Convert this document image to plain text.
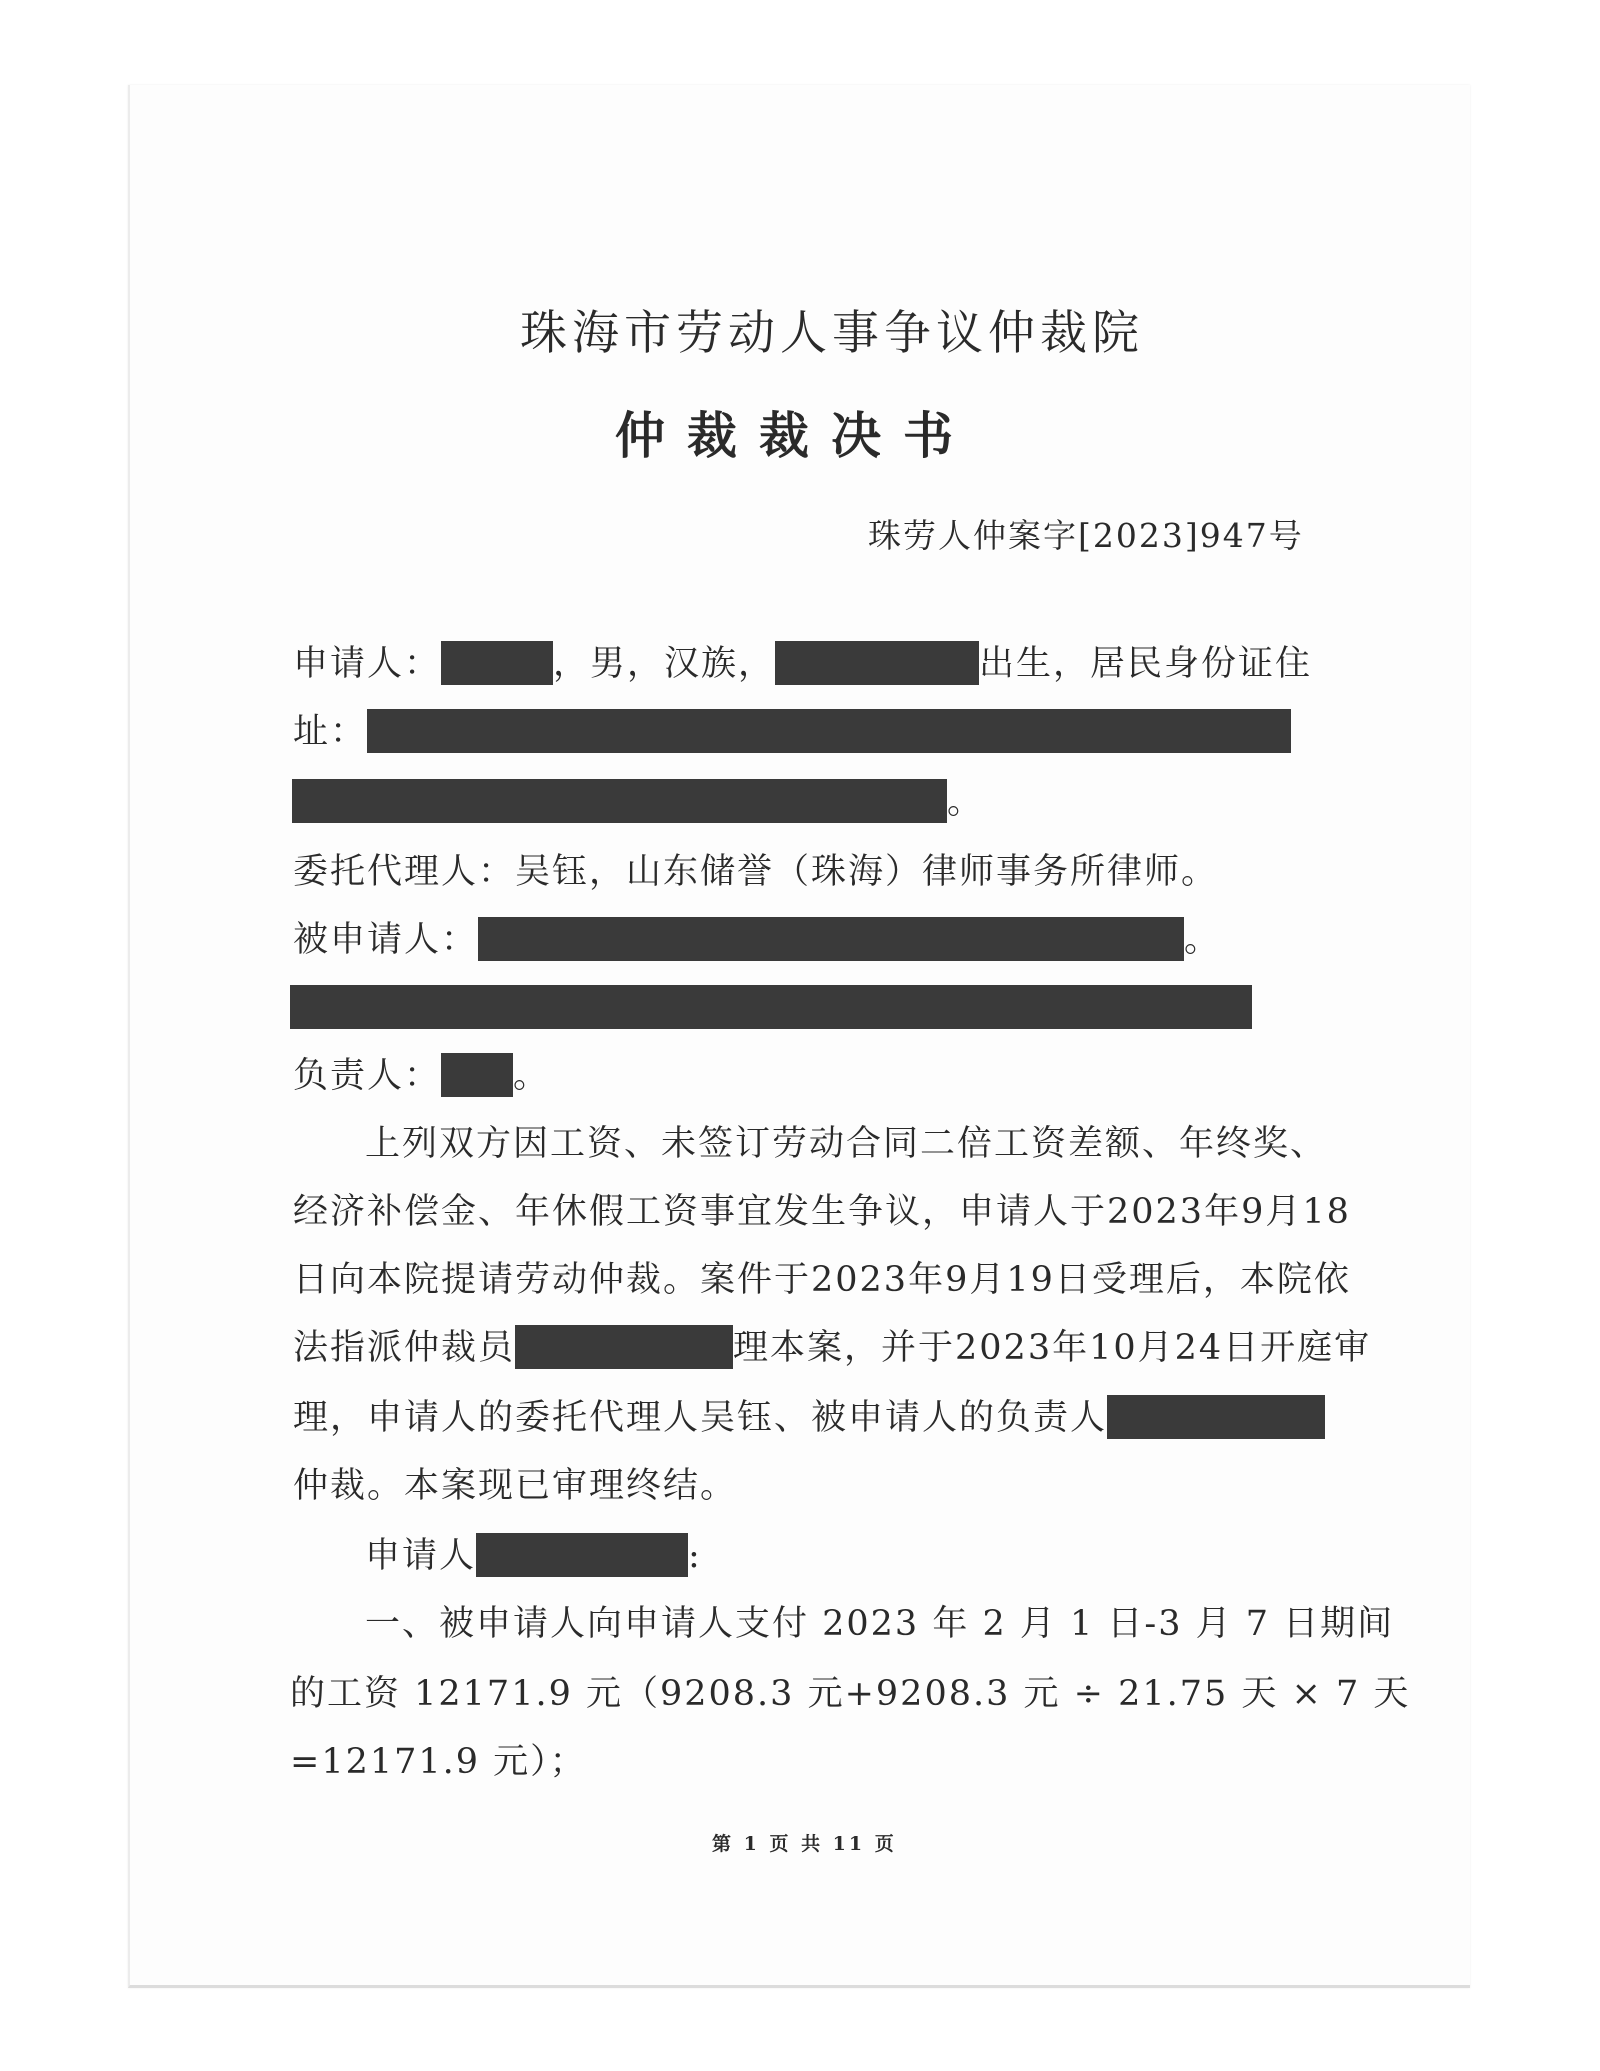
珠海市劳动人事争议仲裁院
仲裁裁决书
珠劳人仲案字[2023]947号
申请人：	，男，汉族，	出生，居民身份证住
址：
。
委托代理人：吴钰，山东储誉（珠海）律师事务所律师。
被申请人：	。
负责人： 。
上列双方因工资、未签订劳动合同二倍工资差额、年终奖、
经济补偿金、年休假工资事宜发生争议，申请人于2023年9月18
日向本院提请劳动仲裁。案件于2023年9月19日受理后，本院依
法指派仲裁员	理本案，并于2023年10月24日开庭审
理，申请人的委托代理人吴钰、被申请人的负责人
仲裁。本案现已审理终结。
申请人	:
一、被申请人向申请人支付 2023 年 2 月 1 日-3 月 7 日期间
的工资 12171.9 元（9208.3 元+9208.3 元 ÷ 21.75 天 × 7 天
=12171.9 元）；
第 1 页 共 11 页
